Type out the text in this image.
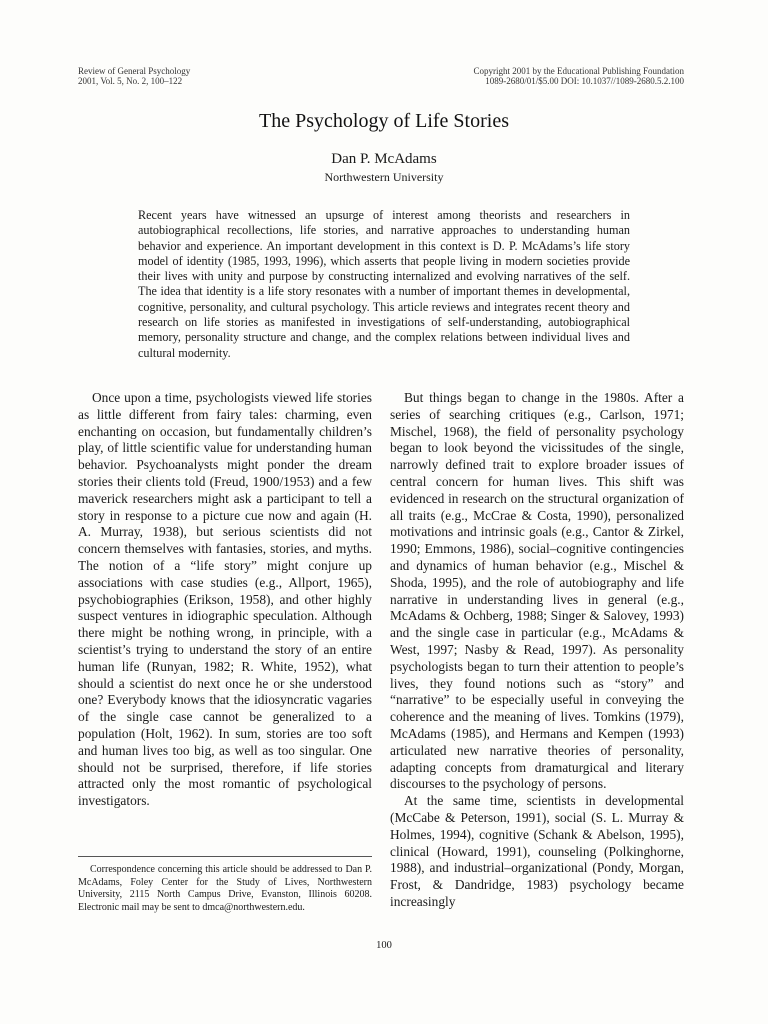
Review of General Psychology
2001, Vol. 5, No. 2, 100–122
Copyright 2001 by the Educational Publishing Foundation
1089-2680/01/$5.00 DOI: 10.1037//1089-2680.5.2.100
The Psychology of Life Stories
Dan P. McAdams
Northwestern University

Recent years have witnessed an upsurge of interest among theorists and researchers in autobiographical recollections, life stories, and narrative approaches to understanding human behavior and experience. An important development in this context is D. P. McAdams’s life story model of identity (1985, 1993, 1996), which asserts that people living in modern societies provide their lives with unity and purpose by constructing internalized and evolving narratives of the self. The idea that identity is a life story resonates with a number of important themes in developmental, cognitive, personality, and cultural psychology. This article reviews and integrates recent theory and research on life stories as manifested in investigations of self-understanding, autobiographical memory, personality structure and change, and the complex relations between individual lives and cultural modernity.

Once upon a time, psychologists viewed life stories as little different from fairy tales: charming, even enchanting on occasion, but fundamentally children’s play, of little scientific value for understanding human behavior. Psychoanalysts might ponder the dream stories their clients told (Freud, 1900/1953) and a few maverick researchers might ask a participant to tell a story in response to a picture cue now and again (H. A. Murray, 1938), but serious scientists did not concern themselves with fantasies, stories, and myths. The notion of a “life story” might conjure up associations with case studies (e.g., Allport, 1965), psychobiographies (Erikson, 1958), and other highly suspect ventures in idiographic speculation. Although there might be nothing wrong, in principle, with a scientist’s trying to understand the story of an entire human life (Runyan, 1982; R. White, 1952), what should a scientist do next once he or she understood one? Everybody knows that the idiosyncratic vagaries of the single case cannot be generalized to a population (Holt, 1962). In sum, stories are too soft and human lives too big, as well as too singular. One should not be surprised, therefore, if life stories attracted only the most romantic of psychological investigators.

But things began to change in the 1980s. After a series of searching critiques (e.g., Carlson, 1971; Mischel, 1968), the field of personality psychology began to look beyond the vicissitudes of the single, narrowly defined trait to explore broader issues of central concern for human lives. This shift was evidenced in research on the structural organization of all traits (e.g., McCrae & Costa, 1990), personalized motivations and intrinsic goals (e.g., Cantor & Zirkel, 1990; Emmons, 1986), social–cognitive contingencies and dynamics of human behavior (e.g., Mischel & Shoda, 1995), and the role of autobiography and life narrative in understanding lives in general (e.g., McAdams & Ochberg, 1988; Singer & Salovey, 1993) and the single case in particular (e.g., McAdams & West, 1997; Nasby & Read, 1997). As personality psychologists began to turn their attention to people’s lives, they found notions such as “story” and “narrative” to be especially useful in conveying the coherence and the meaning of lives. Tomkins (1979), McAdams (1985), and Hermans and Kempen (1993) articulated new narrative theories of personality, adapting concepts from dramaturgical and literary discourses to the psychology of persons.

At the same time, scientists in developmental (McCabe & Peterson, 1991), social (S. L. Murray & Holmes, 1994), cognitive (Schank & Abelson, 1995), clinical (Howard, 1991), counseling (Polkinghorne, 1988), and industrial–organizational (Pondy, Morgan, Frost, & Dandridge, 1983) psychology became increasingly

Correspondence concerning this article should be addressed to Dan P. McAdams, Foley Center for the Study of Lives, Northwestern University, 2115 North Campus Drive, Evanston, Illinois 60208. Electronic mail may be sent to dmca@northwestern.edu.

100
